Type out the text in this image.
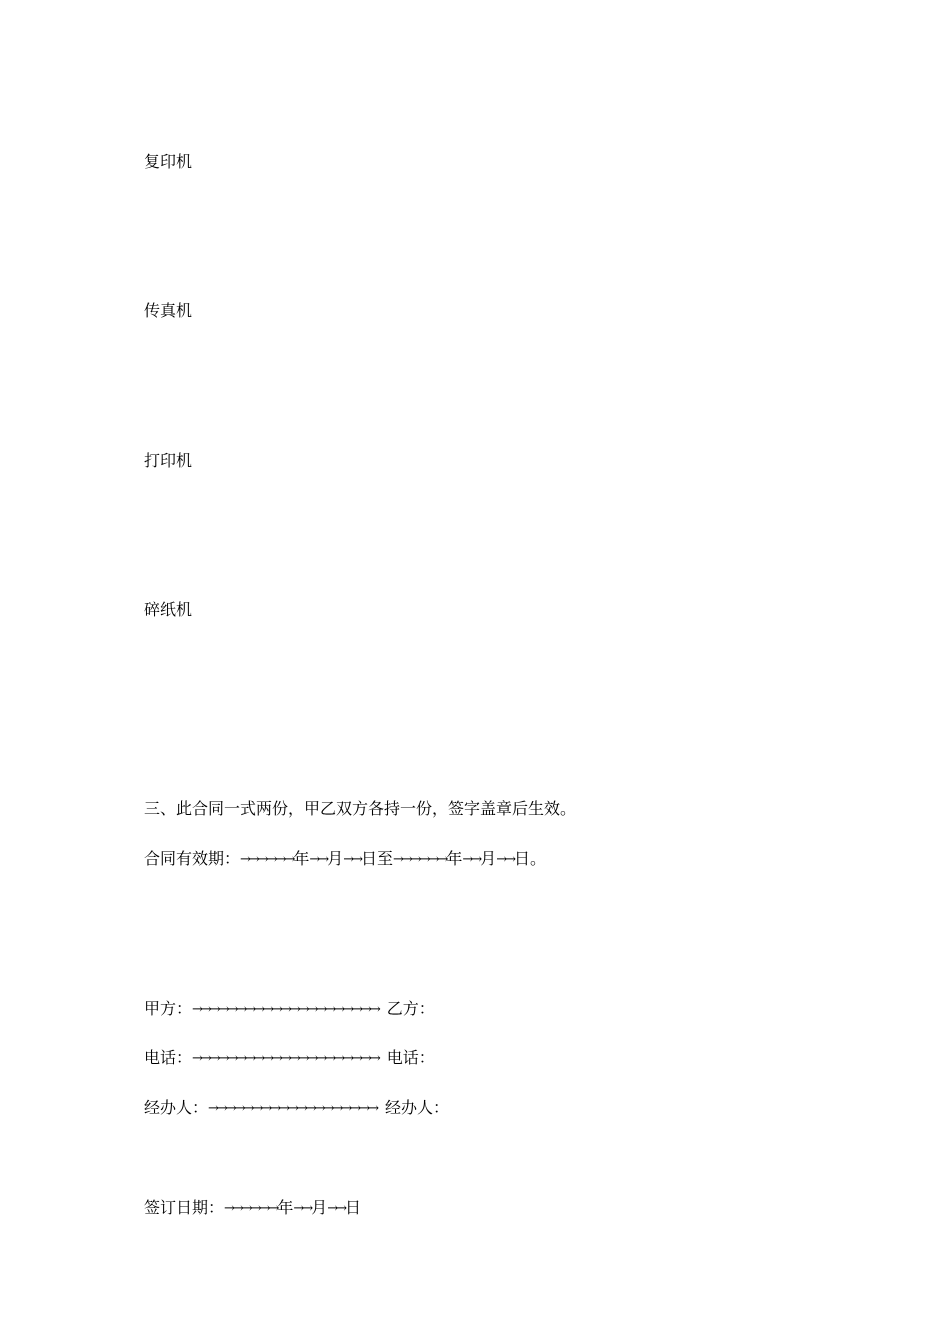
复印机
传真机
打印机
碎纸机
三、此合同一式两份，甲乙双方各持一份，签字盖章后生效。
合同有效期：→→→→→→年→→月→→日至→→→→→→年→→月→→日。
甲方：→→→→→→→→→→→→→→→→→→→→→ 乙方：
电话：→→→→→→→→→→→→→→→→→→→→→ 电话：
经办人：→→→→→→→→→→→→→→→→→→→ 经办人：
签订日期：→→→→→→年→→月→→日
